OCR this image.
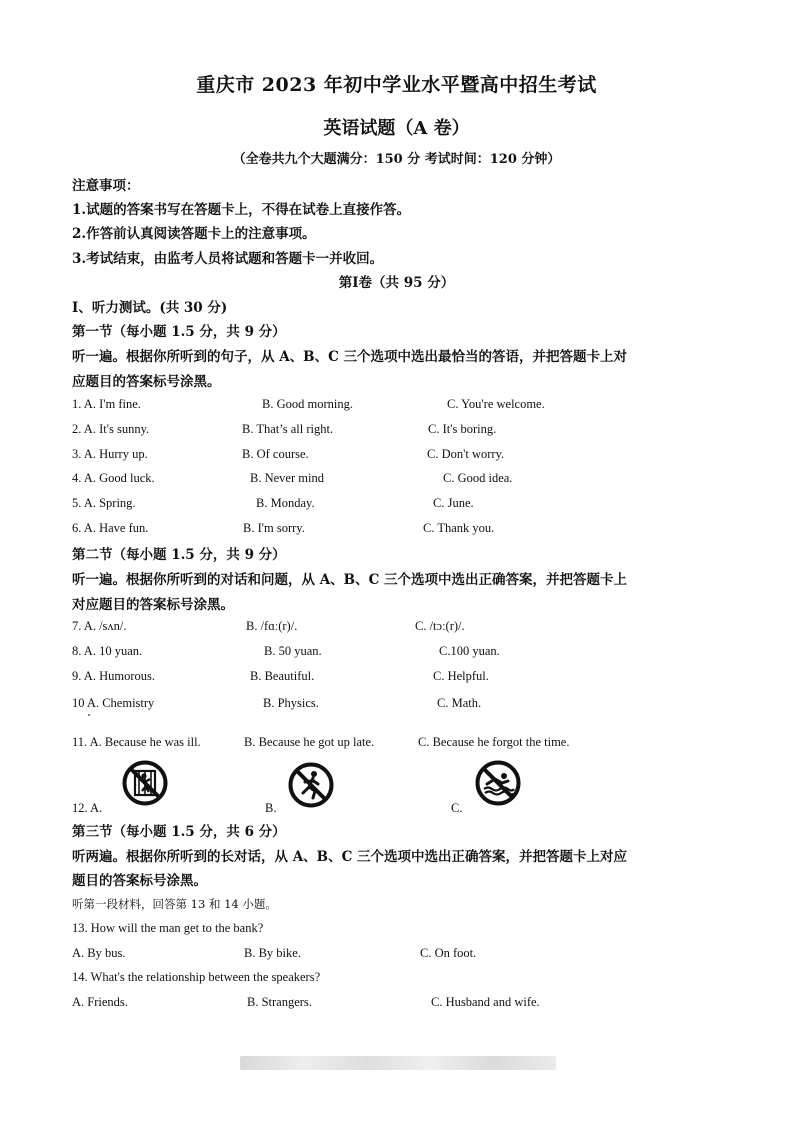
重庆市 2023 年初中学业水平暨高中招生考试
英语试题（A 卷）
（全卷共九个大题满分：150 分 考试时间：120 分钟）
注意事项：
1.试题的答案书写在答题卡上，不得在试卷上直接作答。
2.作答前认真阅读答题卡上的注意事项。
3.考试结束，由监考人员将试题和答题卡一并收回。
第Ⅰ卷（共 95 分）
Ⅰ、听力测试。(共 30 分)
第一节（每小题 1.5 分，共 9 分）
听一遍。根据你所听到的句子，从 A、B、C 三个选项中选出最恰当的答语，并把答题卡上对
应题目的答案标号涂黑。
1. A. I'm fine.	B. Good morning.	C. You're welcome.
2. A. It's sunny.	B. That’s all right.	C. It's boring.
3. A. Hurry up.	B. Of course.	C. Don't worry.
4. A. Good luck.	B. Never mind	C. Good idea.
5. A. Spring.	B. Monday.	C. June.
6. A. Have fun.	B. I'm sorry.	C. Thank you.
第二节（每小题 1.5 分，共 9 分）
听一遍。根据你所听到的对话和问题，从 A、B、C 三个选项中选出正确答案，并把答题卡上
对应题目的答案标号涂黑。
7. A. /sʌn/.	B. /fɑː(r)/.	C. /tɔː(r)/.
8. A. 10 yuan.	B. 50 yuan.	C.100 yuan.
9. A. Humorous.	B. Beautiful.	C. Helpful.
10 A. Chemistry	B. Physics.	C. Math.
11. A. Because he was ill.	B. Because he got up late.	C. Because he forgot the time.
12. A.	B.	C.
第三节（每小题 1.5 分，共 6 分）
听两遍。根据你所听到的长对话，从 A、B、C 三个选项中选出正确答案，并把答题卡上对应
题目的答案标号涂黑。
听第一段材料，回答第 13 和 14 小题。
13. How will the man get to the bank?
A. By bus.	B. By bike.	C. On foot.
14. What's the relationship between the speakers?
A. Friends.	B. Strangers.	C. Husband and wife.
